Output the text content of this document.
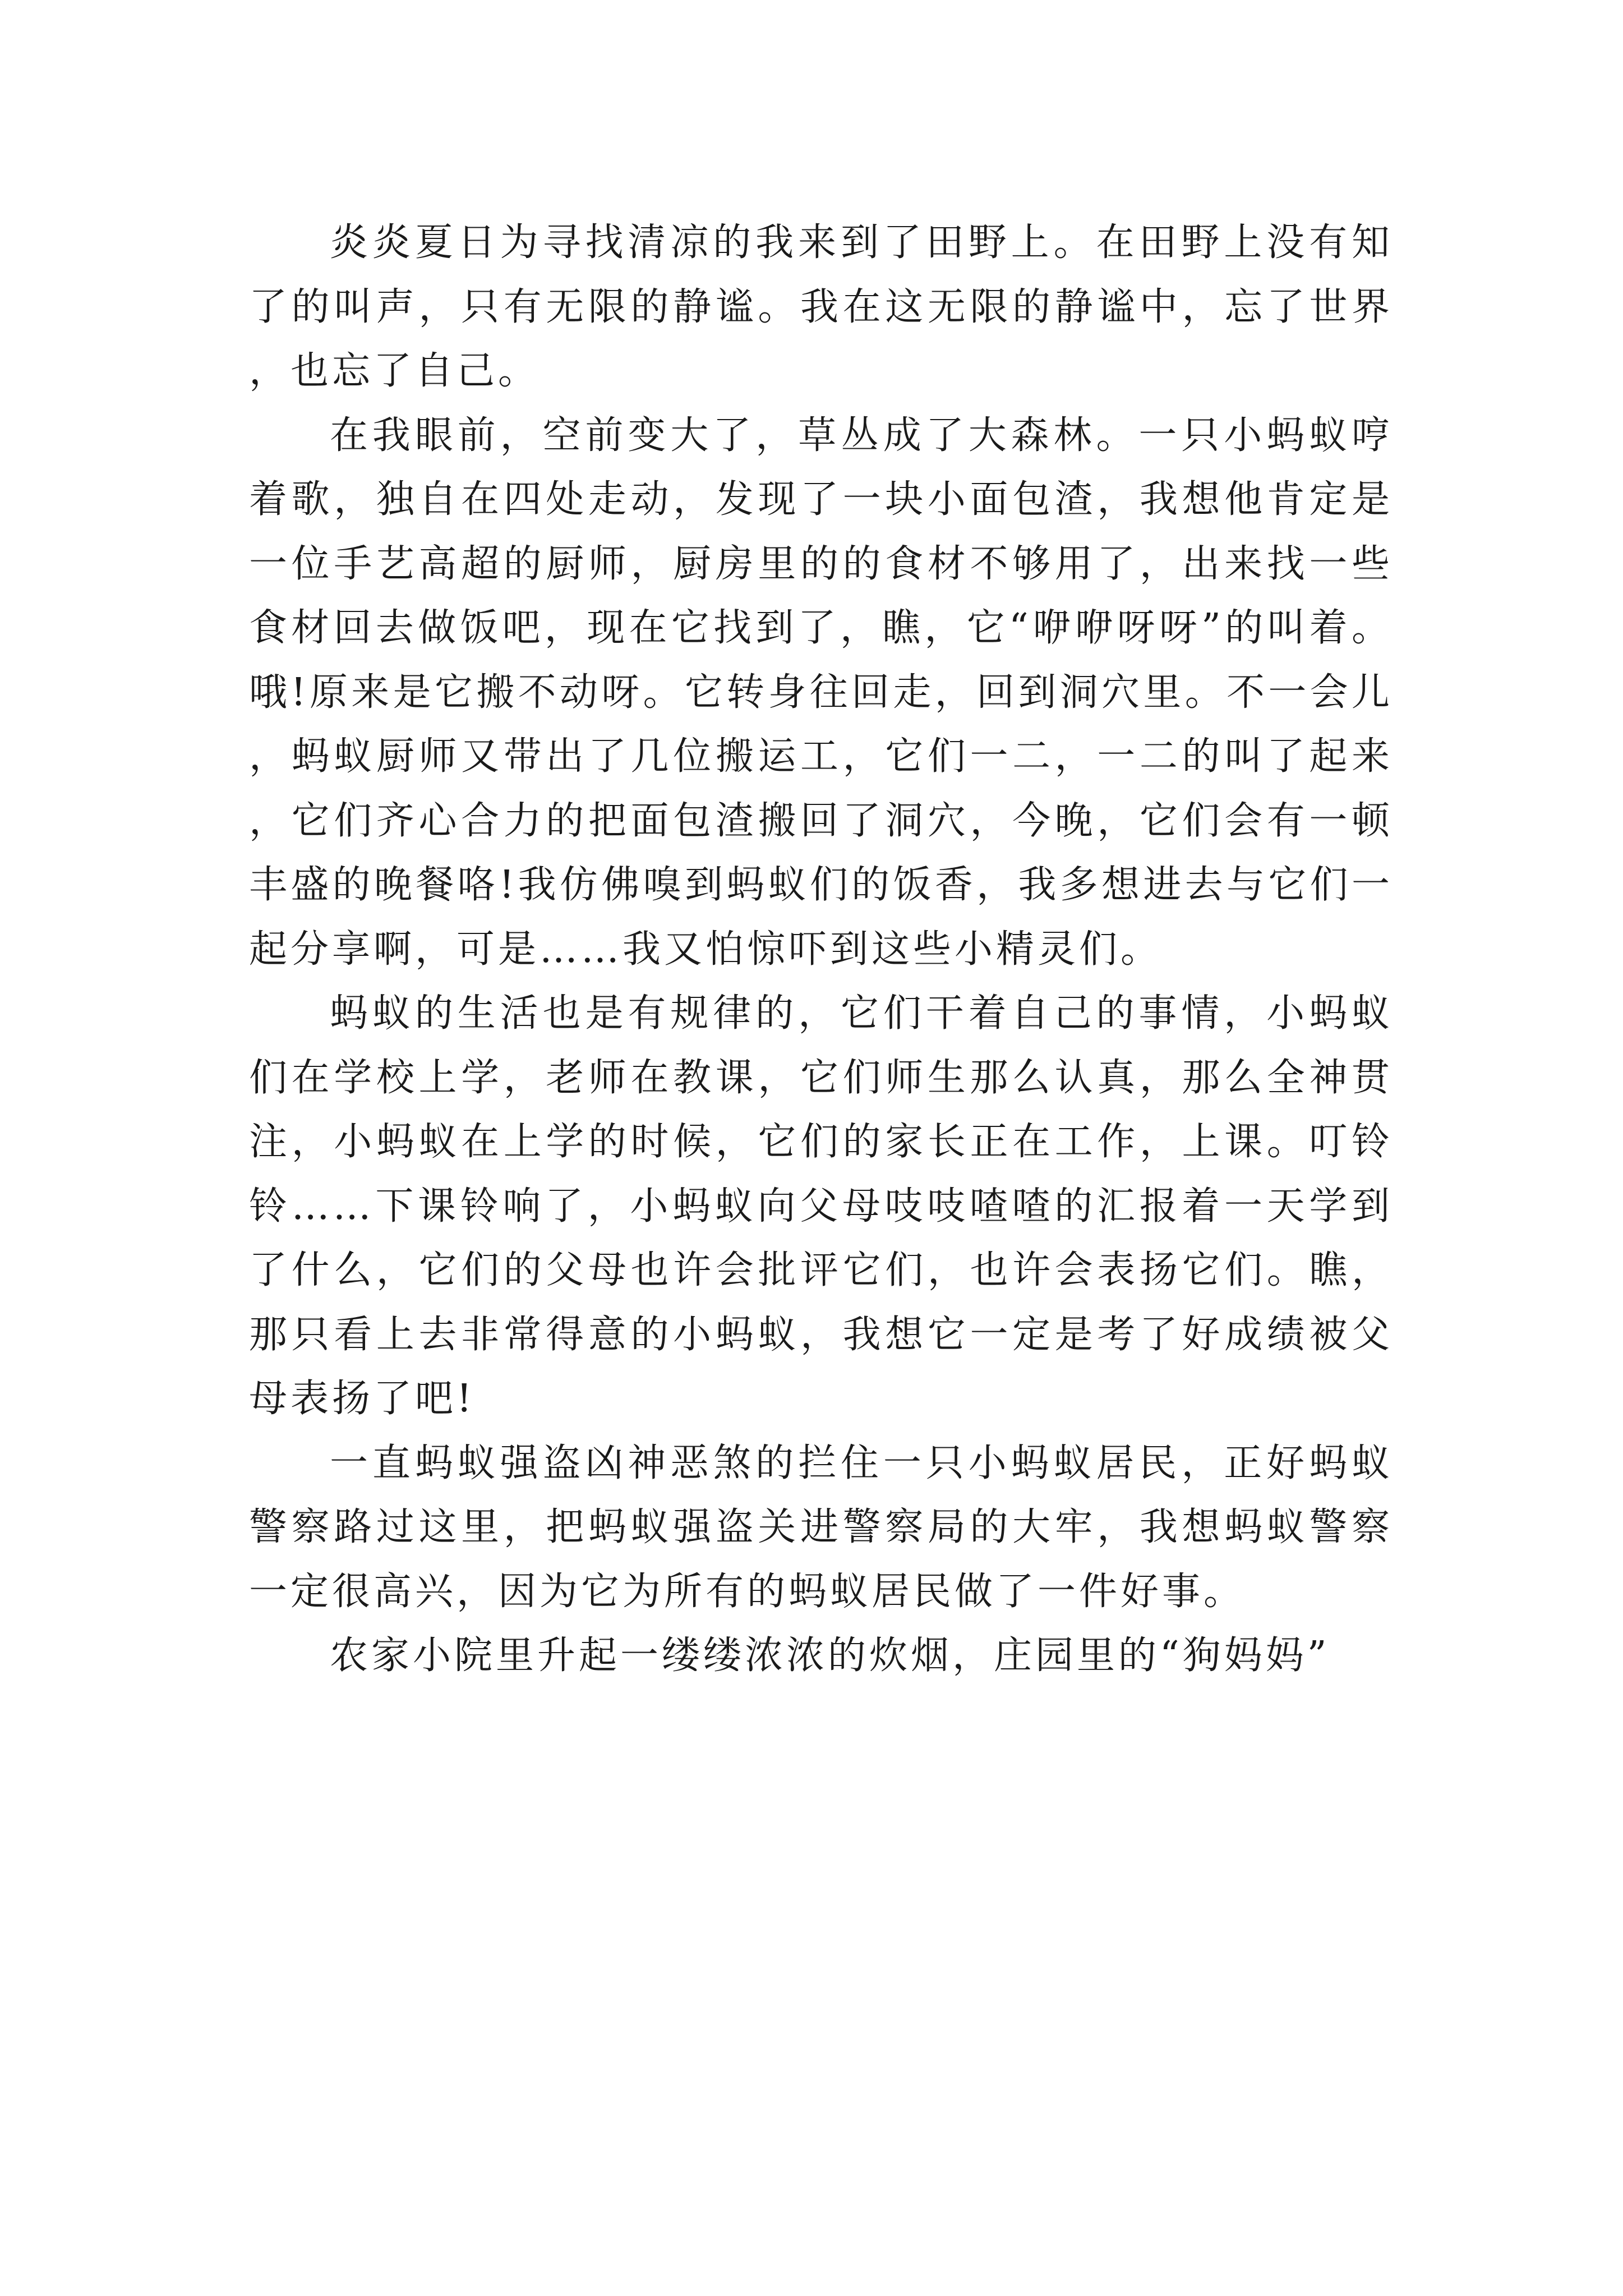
炎炎夏日为寻找清凉的我来到了田野上。在田野上没有知了的叫声，只有无限的静谧。我在这无限的静谧中，忘了世界，也忘了自己。

在我眼前，空前变大了，草丛成了大森林。一只小蚂蚁哼着歌，独自在四处走动，发现了一块小面包渣，我想他肯定是一位手艺高超的厨师，厨房里的的食材不够用了，出来找一些食材回去做饭吧，现在它找到了，瞧，它“咿咿呀呀”的叫着。哦!原来是它搬不动呀。它转身往回走，回到洞穴里。不一会儿，蚂蚁厨师又带出了几位搬运工，它们一二，一二的叫了起来，它们齐心合力的把面包渣搬回了洞穴，今晚，它们会有一顿丰盛的晚餐咯!我仿佛嗅到蚂蚁们的饭香，我多想进去与它们一起分享啊，可是……我又怕惊吓到这些小精灵们。

蚂蚁的生活也是有规律的，它们干着自己的事情，小蚂蚁们在学校上学，老师在教课，它们师生那么认真，那么全神贯注，小蚂蚁在上学的时候，它们的家长正在工作，上课。叮铃铃……下课铃响了，小蚂蚁向父母吱吱喳喳的汇报着一天学到了什么，它们的父母也许会批评它们，也许会表扬它们。瞧，那只看上去非常得意的小蚂蚁，我想它一定是考了好成绩被父母表扬了吧!

一直蚂蚁强盗凶神恶煞的拦住一只小蚂蚁居民，正好蚂蚁警察路过这里，把蚂蚁强盗关进警察局的大牢，我想蚂蚁警察一定很高兴，因为它为所有的蚂蚁居民做了一件好事。

农家小院里升起一缕缕浓浓的炊烟，庄园里的“狗妈妈”
